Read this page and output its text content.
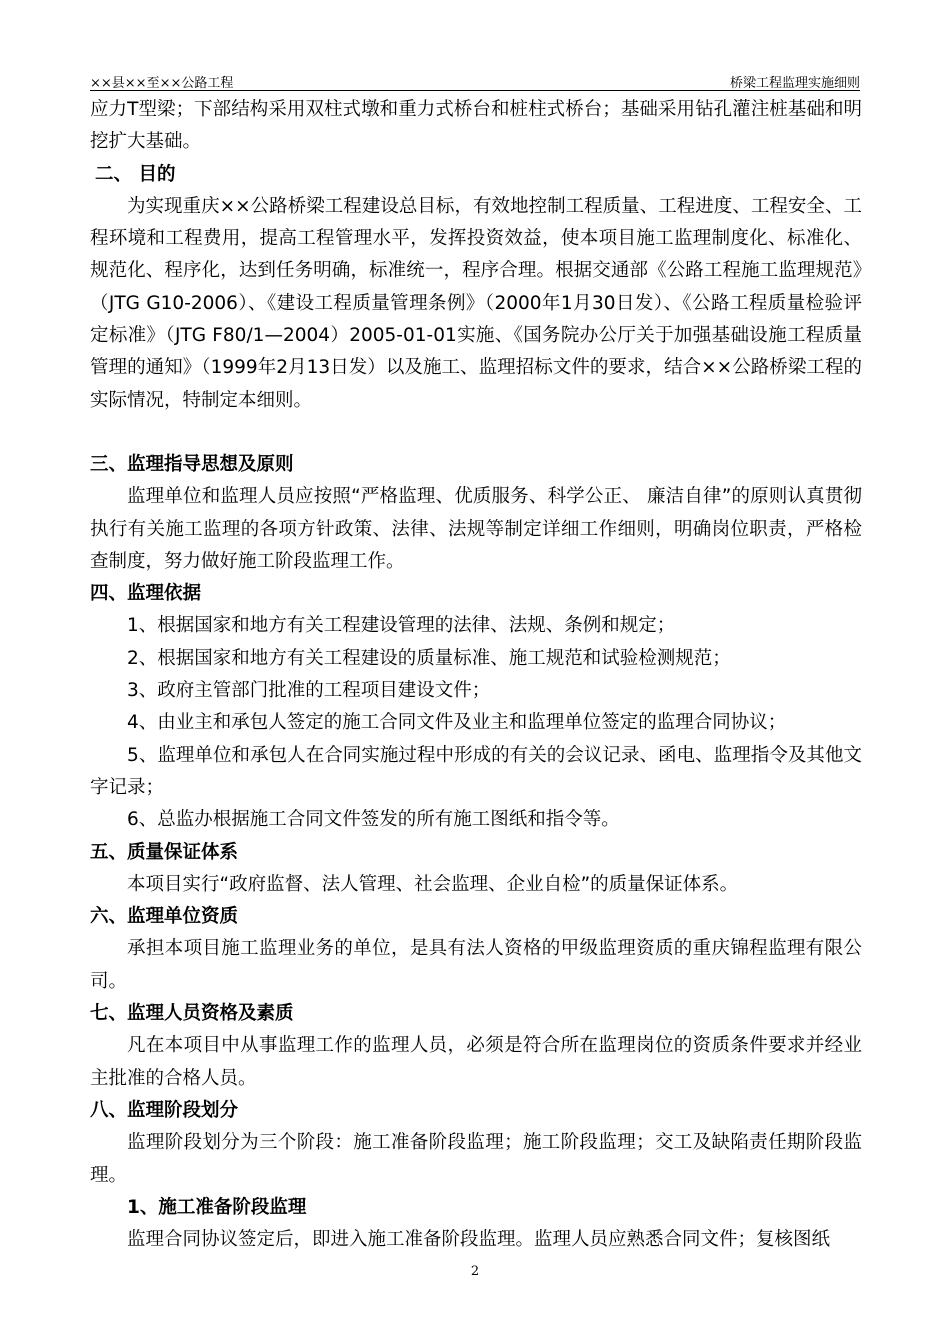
××县××至××公路工程	桥梁工程监理实施细则

应力T型梁；下部结构采用双柱式墩和重力式桥台和桩柱式桥台；基础采用钻孔灌注桩基础和明挖扩大基础。

二、 目的

为实现重庆××公路桥梁工程建设总目标，有效地控制工程质量、工程进度、工程安全、工程环境和工程费用，提高工程管理水平，发挥投资效益，使本项目施工监理制度化、标准化、规范化、程序化，达到任务明确，标准统一，程序合理。根据交通部《公路工程施工监理规范》（JTG G10-2006）、《建设工程质量管理条例》（2000年1月30日发）、《公路工程质量检验评定标准》（JTG F80/1—2004）2005-01-01实施、《国务院办公厅关于加强基础设施工程质量管理的通知》（1999年2月13日发）以及施工、监理招标文件的要求，结合××公路桥梁工程的实际情况，特制定本细则。

三、监理指导思想及原则

监理单位和监理人员应按照“严格监理、优质服务、科学公正、 廉洁自律”的原则认真贯彻执行有关施工监理的各项方针政策、法律、法规等制定详细工作细则，明确岗位职责，严格检查制度，努力做好施工阶段监理工作。

四、监理依据

1、根据国家和地方有关工程建设管理的法律、法规、条例和规定；

2、根据国家和地方有关工程建设的质量标准、施工规范和试验检测规范；

3、政府主管部门批准的工程项目建设文件；

4、由业主和承包人签定的施工合同文件及业主和监理单位签定的监理合同协议；

5、监理单位和承包人在合同实施过程中形成的有关的会议记录、函电、监理指令及其他文字记录；

6、总监办根据施工合同文件签发的所有施工图纸和指令等。

五、质量保证体系

本项目实行“政府监督、法人管理、社会监理、企业自检”的质量保证体系。

六、监理单位资质

承担本项目施工监理业务的单位，是具有法人资格的甲级监理资质的重庆锦程监理有限公司。

七、监理人员资格及素质

凡在本项目中从事监理工作的监理人员，必须是符合所在监理岗位的资质条件要求并经业主批准的合格人员。

八、监理阶段划分

监理阶段划分为三个阶段：施工准备阶段监理；施工阶段监理；交工及缺陷责任期阶段监理。

1、施工准备阶段监理

监理合同协议签定后，即进入施工准备阶段监理。监理人员应熟悉合同文件；复核图纸

2
